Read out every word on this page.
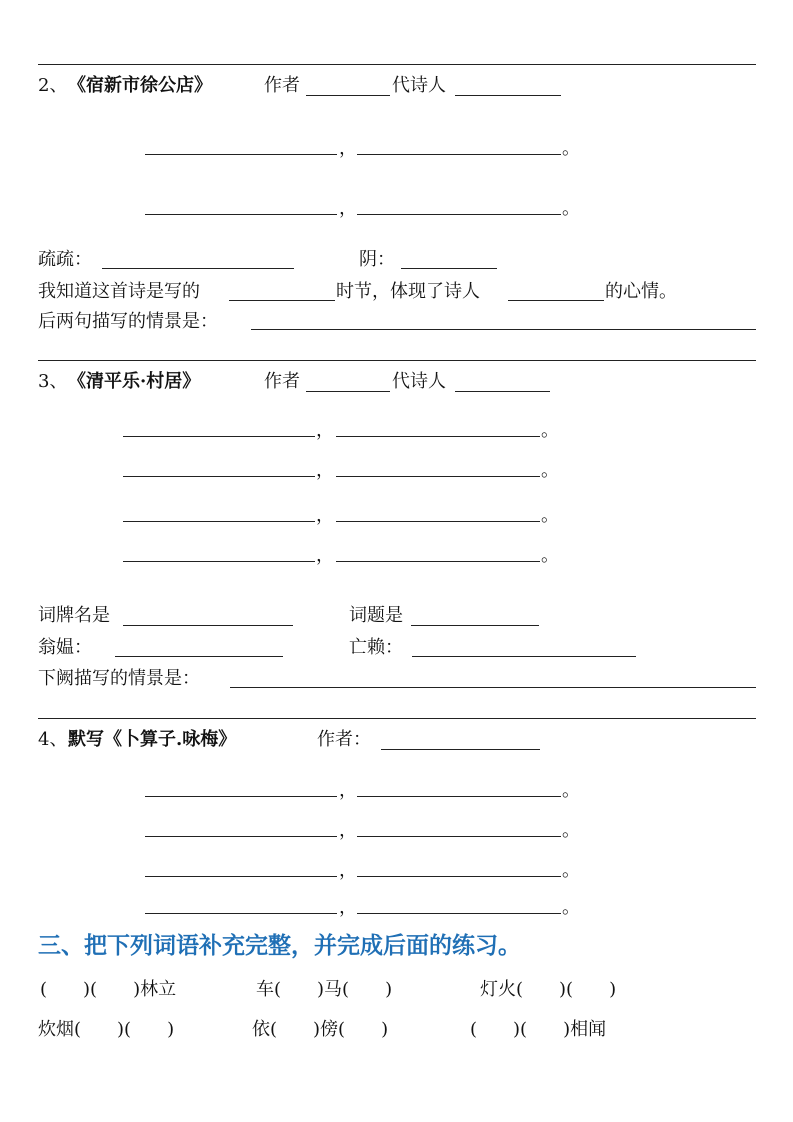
2、 《宿新市徐公店》	作者	代诗人
，	。
，	。
疏疏：	阴：
我知道这首诗是写的	时节，体现了诗人	的心情。
后两句描写的情景是：
3、 《清平乐·村居》	作者	代诗人
，	。
，	。
，	。
，	。
词牌名是	词题是
翁媪：	亡赖：
下阙描写的情景是：
4、 默写《卜算子.咏梅》	作者：
，	。
，	。
，	。
，	。
三、把下列词语补充完整，并完成后面的练习。
(　　)(　　)林立	车(　　)马(　　)	灯火(　　)(　　)
炊烟(　　)(　　)	依(　　)傍(　　)	(　　)(　　)相闻
